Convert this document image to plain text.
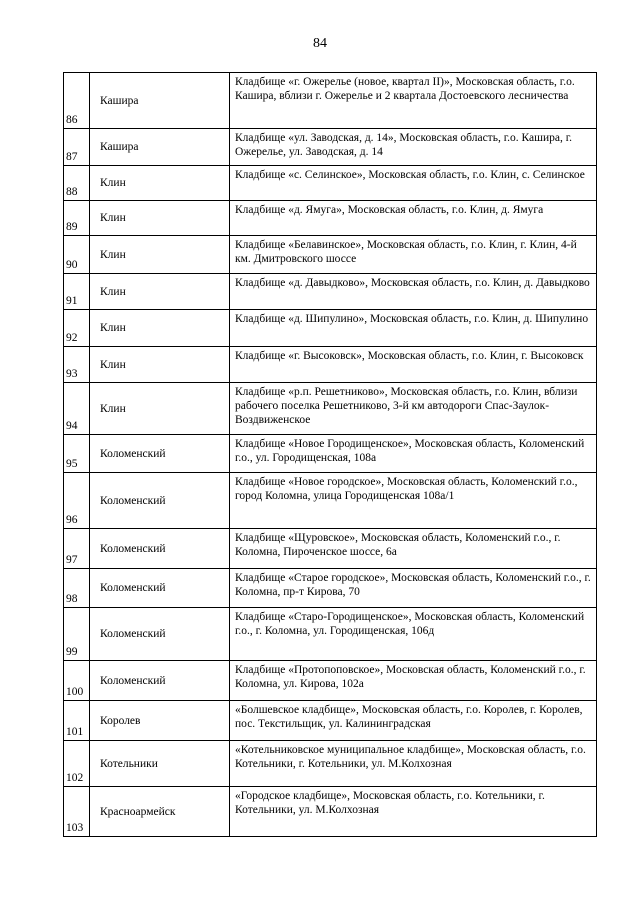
84
86	Кашира	Кладбище «г. Ожерелье (новое, квартал II)», Московская область, г.о. Кашира, вблизи г. Ожерелье и 2 квартала Достоевского лесничества
87	Кашира	Кладбище «ул. Заводская, д. 14», Московская область, г.о. Кашира, г. Ожерелье, ул. Заводская, д. 14
88	Клин	Кладбище «с. Селинское», Московская область, г.о. Клин, с. Селинское
89	Клин	Кладбище «д. Ямуга», Московская область, г.о. Клин, д. Ямуга
90	Клин	Кладбище «Белавинское», Московская область, г.о. Клин, г. Клин, 4-й км. Дмитровского шоссе
91	Клин	Кладбище «д. Давыдково», Московская область, г.о. Клин, д. Давыдково
92	Клин	Кладбище «д. Шипулино», Московская область, г.о. Клин, д. Шипулино
93	Клин	Кладбище «г. Высоковск», Московская область, г.о. Клин, г. Высоковск
94	Клин	Кладбище «р.п. Решетниково», Московская область, г.о. Клин, вблизи рабочего поселка Решетниково, 3-й км автодороги Спас-Заулок-Воздвиженское
95	Коломенский	Кладбище «Новое Городищенское», Московская область, Коломенский г.о., ул. Городищенская, 108а
96	Коломенский	Кладбище «Новое городское», Московская область, Коломенский г.о., город Коломна, улица Городищенская 108а/1
97	Коломенский	Кладбище «Щуровское», Московская область, Коломенский г.о., г. Коломна, Пироченское шоссе, 6а
98	Коломенский	Кладбище «Старое городское», Московская область, Коломенский г.о., г. Коломна, пр-т Кирова, 70
99	Коломенский	Кладбище «Старо-Городищенское», Московская область, Коломенский г.о., г. Коломна, ул. Городищенская, 106д
100	Коломенский	Кладбище «Протопоповское», Московская область, Коломенский г.о., г. Коломна, ул. Кирова, 102а
101	Королев	«Болшевское кладбище», Московская область, г.о. Королев, г. Королев, пос. Текстильщик, ул. Калининградская
102	Котельники	«Котельниковское муниципальное кладбище», Московская область, г.о. Котельники, г. Котельники, ул. М.Колхозная
103	Красноармейск	«Городское кладбище», Московская область, г.о. Котельники, г. Котельники, ул. М.Колхозная
